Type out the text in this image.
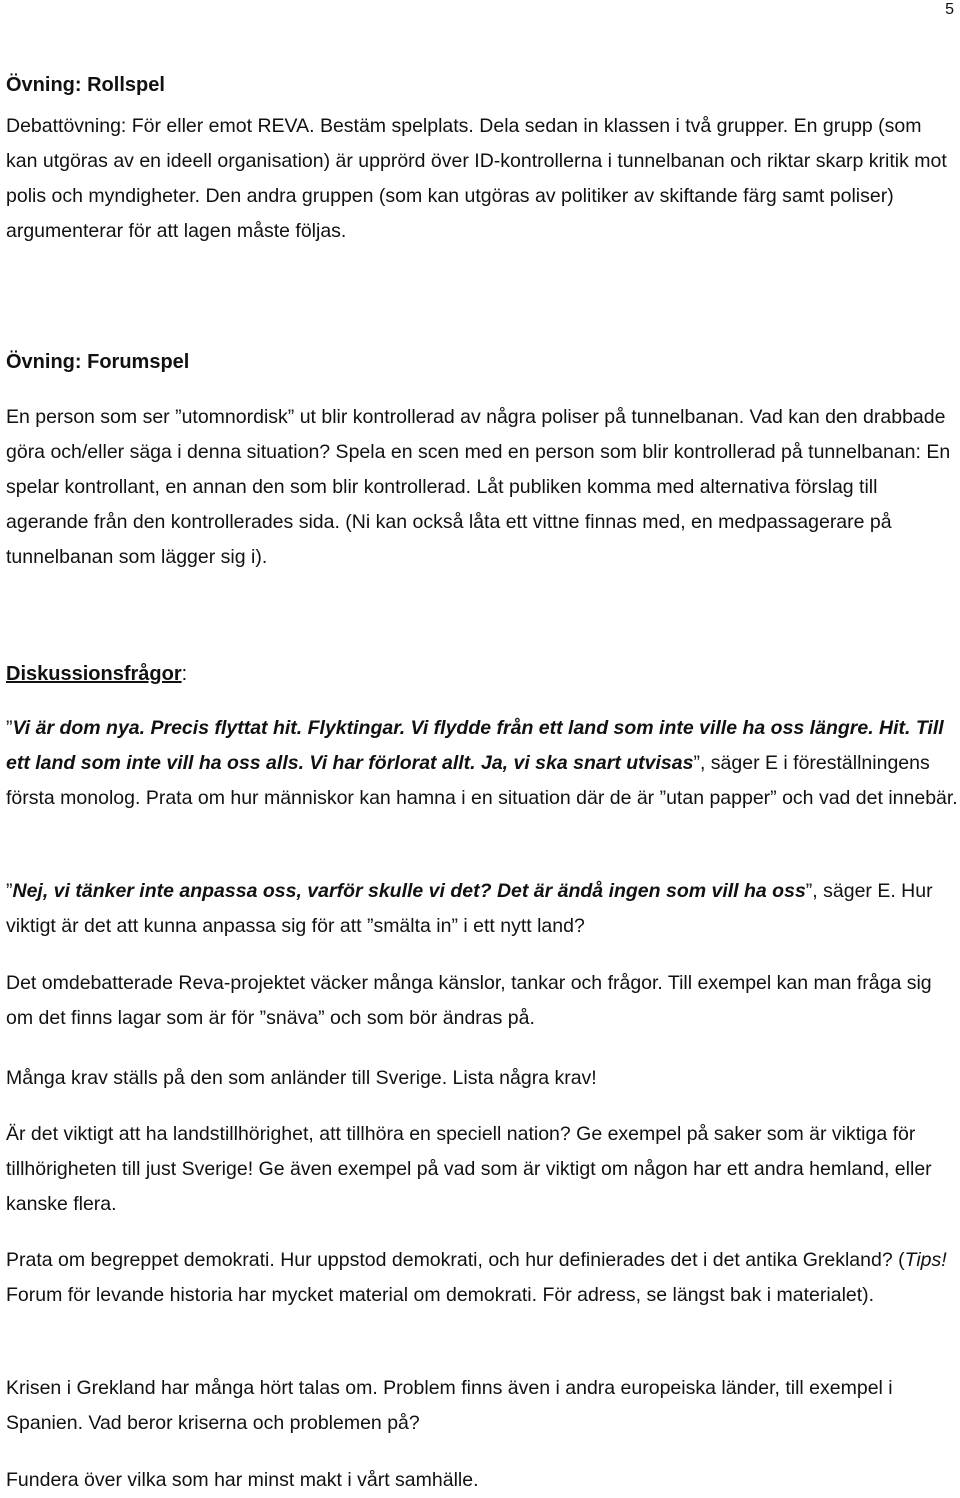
5
Övning: Rollspel

Debattövning: För eller emot REVA. Bestäm spelplats. Dela sedan in klassen i två grupper. En grupp (som kan utgöras av en ideell organisation) är upprörd över ID-kontrollerna i tunnelbanan och riktar skarp kritik mot polis och myndigheter. Den andra gruppen (som kan utgöras av politiker av skiftande färg samt poliser) argumenterar för att lagen måste följas.

Övning: Forumspel

En person som ser ”utomnordisk” ut blir kontrollerad av några poliser på tunnelbanan. Vad kan den drabbade göra och/eller säga i denna situation? Spela en scen med en person som blir kontrollerad på tunnelbanan: En spelar kontrollant, en annan den som blir kontrollerad. Låt publiken komma med alternativa förslag till agerande från den kontrollerades sida. (Ni kan också låta ett vittne finnas med, en medpassagerare på tunnelbanan som lägger sig i).

Diskussionsfrågor:

”Vi är dom nya. Precis flyttat hit. Flyktingar. Vi flydde från ett land som inte ville ha oss längre. Hit. Till ett land som inte vill ha oss alls. Vi har förlorat allt. Ja, vi ska snart utvisas”, säger E i föreställningens första monolog. Prata om hur människor kan hamna i en situation där de är ”utan papper” och vad det innebär.

”Nej, vi tänker inte anpassa oss, varför skulle vi det? Det är ändå ingen som vill ha oss”, säger E. Hur viktigt är det att kunna anpassa sig för att ”smälta in” i ett nytt land?

Det omdebatterade Reva-projektet väcker många känslor, tankar och frågor. Till exempel kan man fråga sig om det finns lagar som är för ”snäva” och som bör ändras på.

Många krav ställs på den som anländer till Sverige. Lista några krav!

Är det viktigt att ha landstillhörighet, att tillhöra en speciell nation? Ge exempel på saker som är viktiga för tillhörigheten till just Sverige! Ge även exempel på vad som är viktigt om någon har ett andra hemland, eller kanske flera.

Prata om begreppet demokrati. Hur uppstod demokrati, och hur definierades det i det antika Grekland? (Tips! Forum för levande historia har mycket material om demokrati. För adress, se längst bak i materialet).

Krisen i Grekland har många hört talas om. Problem finns även i andra europeiska länder, till exempel i Spanien. Vad beror kriserna och problemen på?

Fundera över vilka som har minst makt i vårt samhälle.
